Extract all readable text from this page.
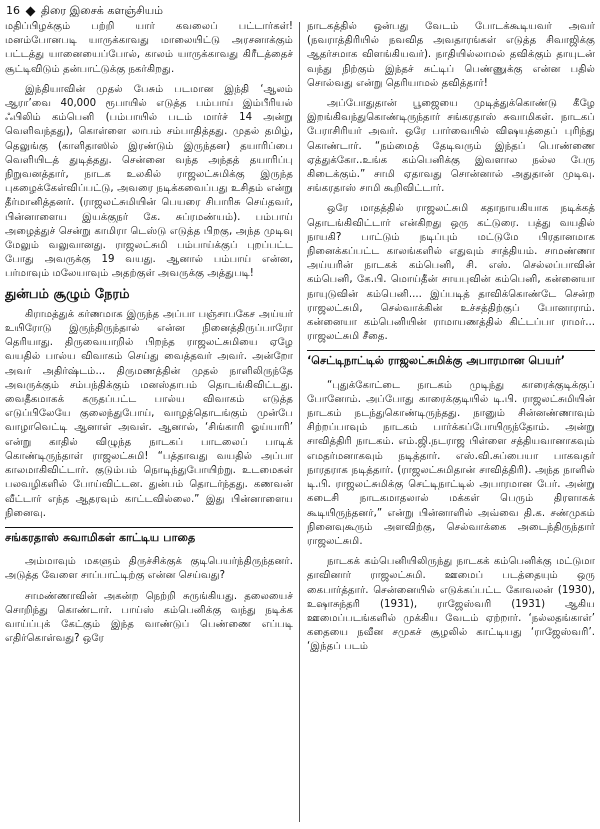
16 திரை இசைக் களஞ்சியம்

மதிப்பிழக்கும் பற்றி யார் கவலைப் பட்டார்கள்! மனம்போனபடி யாருக்காவது மாலையிட்டு அரசனாக்கும் பட்டத்து யானையைப்போல், காலம் யாருக்காவது கிரீடத்தைச் சூட்டிவிடும் தன்பாட்டுக்கு நகர்கிறது.

இந்தியாவின் முதல் பேசும் படமான இந்தி ‘ஆலம் ஆரா’வை 40,000 ரூபாயில் எடுத்த பம்பாய் இம்பீரியல் ஃபிலிம் கம்பெனி (பம்பாயில் படம் மார்ச் 14 அன்று வெளிவந்தது), கொள்ளை லாபம் சம்பாதித்தது. முதல் தமிழ், தெலுங்கு (காளிதாஸில் இரண்டும் இருந்தன) தயாரிப்பை வெளியிடத் துடித்தது. சென்னை வந்த அந்தத் தயாரிப்பு நிறுவனத்தார், நாடக உலகில் ராஜலட்சுமிக்கு இருந்த புகழைக்கேள்விப்பட்டு, அவரை நடிக்கவைப்பது உசிதம் என்று தீர்மானித்தனர். (ராஜலட்சுமியின் பெயரை சிபாரிசு செய்தவர், பின்னாளைய இயக்குநர் கே. சுப்ரமண்யம்). பம்பாய் அழைத்துச் சென்று காமிரா டெஸ்டு எடுத்த பிறகு, அந்த முடிவு மேலும் வலுவானது. ராஜலட்சுமி பம்பாய்க்குப் புறப்பட்ட போது அவருக்கு 19 வயது. ஆனால் பம்பாய் என்ன, பர்மாவும் மலேயாவும் அதற்குள் அவருக்கு அத்துபடி!

துன்பம் சூழும் நேரம்

கிராமத்துக் கர்ணமாக இருந்த அப்பா பஞ்சாபகேச அய்யர் உயிரோடு இருந்திருந்தால் என்ன நினைத்திருப்பாரோ தெரியாது. திருவையாறில் பிறந்த ராஜலட்சுமியை ஏழே வயதில் பால்ய விவாகம் செய்து வைத்தவர் அவர். அன்றோ அவர் அதிர்ஷ்டம்... திருமணத்தின் முதல் நாளிலிருந்தே அவருக்கும் சம்பந்திக்கும் மனஸ்தாபம் தொடங்கிவிட்டது. வைதீகமாகக் கருதப்பட்ட பால்ய விவாகம் எடுத்த எடுப்பிலேயே குலைந்துபோய், வாழத்தொடங்கும் முன்பே வாழாவெட்டி ஆனாள் அவள். ஆனால், ‘சிங்காரி ஓய்யாரி’ என்று காதில் விழுந்த நாடகப் பாடலைப் பாடிக் கொண்டிருந்தாள் ராஜலட்சுமி! “பத்தாவது வயதில் அப்பா காலமாகிவிட்டார். குடும்பம் நொடிந்துபோயிற்று. உடமைகள் பலவழிகளில் போய்விட்டன. துன்பம் தொடர்ந்தது. கணவன் வீட்டார் எந்த ஆதரவும் காட்டவில்லை.” இது பின்னாளைய நினைவு.

சங்கரதாஸ் சுவாமிகள் காட்டிய பாதை

அம்மாவும் மகளும் திருச்சிக்குக் குடிபெயர்ந்திருந்தனர். அடுத்த வேளை சாப்பாட்டிற்கு என்ன செய்வது?

சாமண்ணாவின் அகன்ற நெற்றி சுருங்கியது. தலையைச் சொறிந்து கொண்டார். பாய்ஸ் கம்பெனிக்கு வந்து நடிக்க வாய்ப்புக் கேட்கும் இந்த வாண்டுப் பெண்ணை எப்படி எதிர்கொள்வது? ஒரே

நாடகத்தில் ஒன்பது வேடம் போடக்கூடியவர் அவர் (நவராத்திரியில் நவவித அவதாரங்கள் எடுத்த சிவாஜிக்கு ஆதர்சமாக விளங்கியவர்). நாதியில்லாமல் தவிக்கும் தாயுடன் வந்து நிற்கும் இந்தச் சுட்டிப் பெண்ணுக்கு என்ன பதில் சொல்வது என்று தெரியாமல் தவித்தார்!

அப்போதுதான் பூஜையை முடித்துக்கொண்டு கீழே இறங்கிவந்துகொண்டிருந்தார் சங்கரதாஸ் சுவாமிகள். நாடகப் பேராசிரியர் அவர். ஒரே பார்வையில் விஷயத்தைப் புரிந்து கொண்டார். “நம்மைத் தேடிவரும் இந்தப் பொண்ணை ஏத்துக்கோ..உங்க கம்பெனிக்கு இவளால நல்ல பேரு கிடைக்கும்.” சாமி ஏதாவது சொன்னால் அதுதான் முடிவு. சங்கரதாஸ் சாமி கூறிவிட்டார்.

ஒரே மாதத்தில் ராஜலட்சுமி கதாநாயகியாக நடிக்கத் தொடங்கிவிட்டார் என்கிறது ஒரு கட்டுரை. பத்து வயதில் நாயகி? பாட்டும் நடிப்பும் மட்டுமே பிரதானமாக நினைக்கப்பட்ட காலங்களில் எதுவும் சாத்தியம். சாமண்ணா அய்யரின் நாடகக் கம்பெனி, சி. எஸ். செல்லப்பாவின் கம்பெனி, கே.பி. மொய்தீன் சாயபுவின் கம்பெனி, கன்னையா நாயுடுவின் கம்பெனி.... இப்படித் தாவிக்கொண்டே சென்ற ராஜலட்சுமி, செல்வாக்கின் உச்சத்திற்குப் போனாராம். கன்னையா கம்பெனியின் ராமாயணத்தில் கிட்டப்பா ராமர்... ராஜலட்சுமி சீதை.

‘செட்டிநாட்டில் ராஜலட்சுமிக்கு அபாரமான பெயர்’

“புதுக்கோட்டை நாடகம் முடிந்து காரைக்குடிக்குப் போனோம். அப்போது காரைக்குடியில் டி.பி. ராஜலட்சுமியின் நாடகம் நடந்துகொண்டிருந்தது. நானும் சின்னண்ணாவும் சிற்றப்பாவும் நாடகம் பார்க்கப்போயிருந்தோம். அன்று சாவித்திரி நாடகம். எம்.ஜி.நடராஜ பிள்ளை சத்தியவானாகவும் எமதர்மனாகவும் நடித்தார். எஸ்.வி.சுப்பையா பாகவதர் நாரதராக நடித்தார். (ராஜலட்சுமிதான் சாவித்திரி). அந்த நாளில் டி.பி. ராஜலட்சுமிக்கு செட்டிநாட்டில் அபாரமான பேர். அன்று கடைசி நாடகமாதலால் மக்கள் பெரும் திரளாகக் கூடியிருந்தனர்,” என்று பின்னாளில் அவ்வை தி.க. சண்முகம் நினைவுகூரும் அளவிற்கு, செல்வாக்கை அடைந்திருந்தார் ராஜலட்சுமி.

நாடகக் கம்பெனியிலிருந்து நாடகக் கம்பெனிக்கு மட்டுமா தாவினார் ராஜலட்சுமி. ஊமைப் படத்தையும் ஒரு கைபார்த்தார். சென்னையில் எடுக்கப்பட்ட கோவலன் (1930), உஷாசுந்தரி (1931), ராஜேஸ்வரி (1931) ஆகிய ஊமைப்படங்களில் முக்கிய வேடம் ஏற்றார். ‘நல்லதங்காள்’ கதையை நவீன சமுகச் சூழலில் காட்டியது ‘ராஜேஸ்வரி’. ‘இந்தப் படம்
